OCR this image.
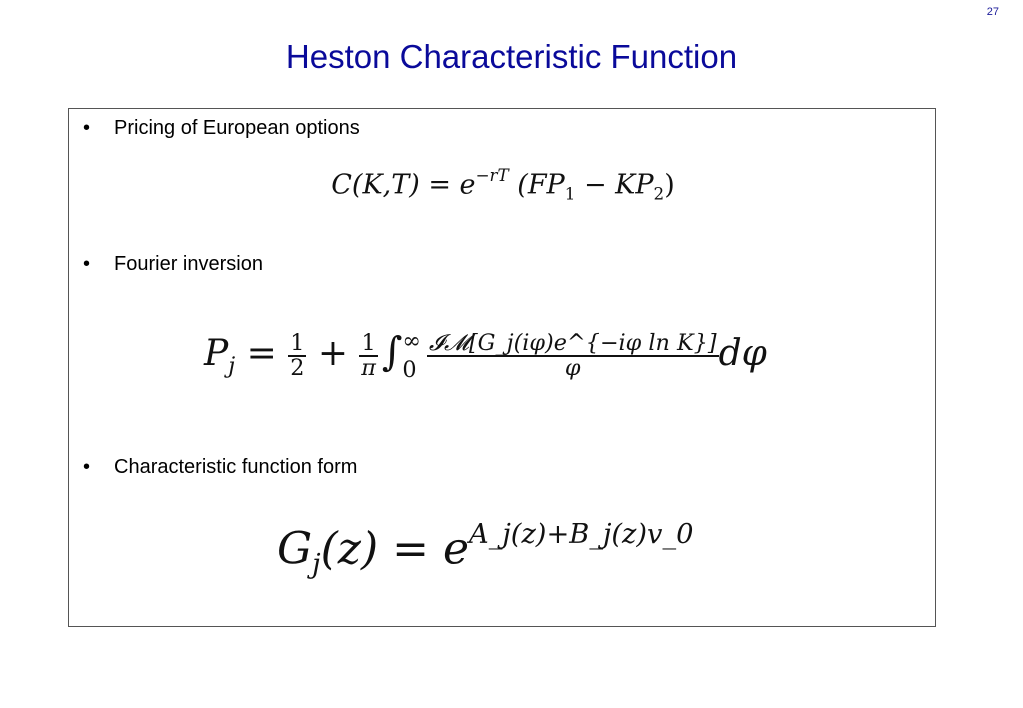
27
Heston Characteristic Function
• Pricing of European options
$C(K,T) = e^{-rT}$ $(FP_1 - KP_2)$
• Fourier inversion
$P_j = \frac{1}{2} + \frac{1}{\pi}$ ∫ ∞
$0 \frac{\text{𝓘𝓜[G\_j(iφ)e\textasciicircum{}\{−iφ ln K\}]}}{\varphi}$ dφ
• Characteristic function form
$G_j(z) = e^{A\_j(z)+B\_j(z)v\_0}$
